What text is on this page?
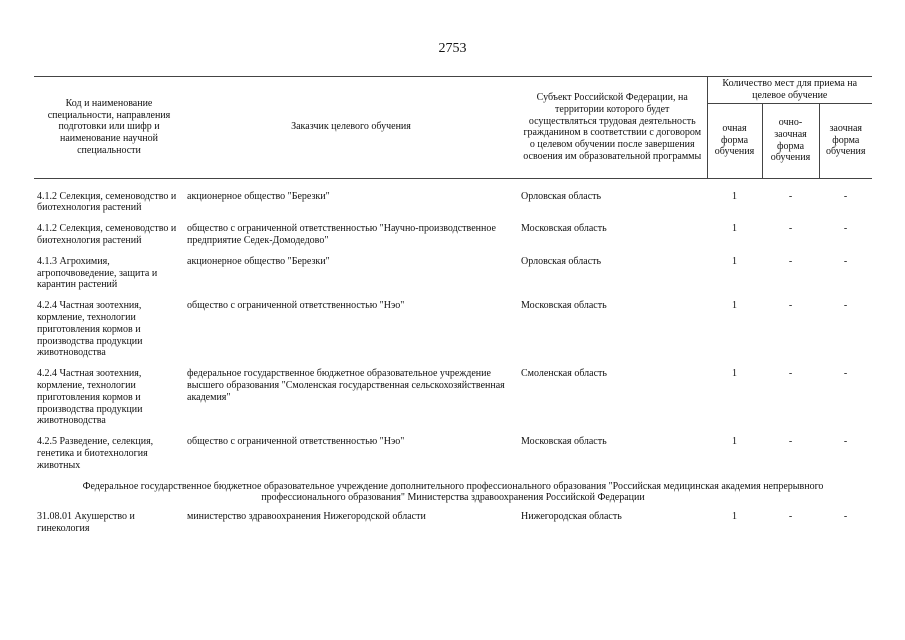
2753
Код и наименование специальности, направления подготовки или шифр и наименование научной специальности	Заказчик целевого обучения	Субъект Российской Федерации, на территории которого будет осуществляться трудовая деятельность гражданином в соответствии с договором о целевом обучении после завершения освоения им образовательной программы	Количество мест для приема на целевое обучение		
			очная форма обучения	очно-заочная форма обучения	заочная форма обучения

4.1.2 Селекция, семеноводство и биотехнология растений	акционерное общество "Березки"	Орловская область	1	-	-
4.1.2 Селекция, семеноводство и биотехнология растений	общество с ограниченной ответственностью "Научно-производственное предприятие Седек-Домодедово"	Московская область	1	-	-
4.1.3 Агрохимия, агропочвоведение, защита и карантин растений	акционерное общество "Березки"	Орловская область	1	-	-
4.2.4 Частная зоотехния, кормление, технологии приготовления кормов и производства продукции животноводства	общество с ограниченной ответственностью "Нэо"	Московская область	1	-	-
4.2.4 Частная зоотехния, кормление, технологии приготовления кормов и производства продукции животноводства	федеральное государственное бюджетное образовательное учреждение высшего образования "Смоленская государственная сельскохозяйственная академия"	Смоленская область	1	-	-
4.2.5 Разведение, селекция, генетика и биотехнология животных	общество с ограниченной ответственностью "Нэо"	Московская область	1	-	-
Федеральное государственное бюджетное образовательное учреждение дополнительного профессионального образования "Российская медицинская академия непрерывного профессионального образования" Министерства здравоохранения Российской Федерации					
31.08.01 Акушерство и гинекология	министерство здравоохранения Нижегородской области	Нижегородская область	1	-	-
